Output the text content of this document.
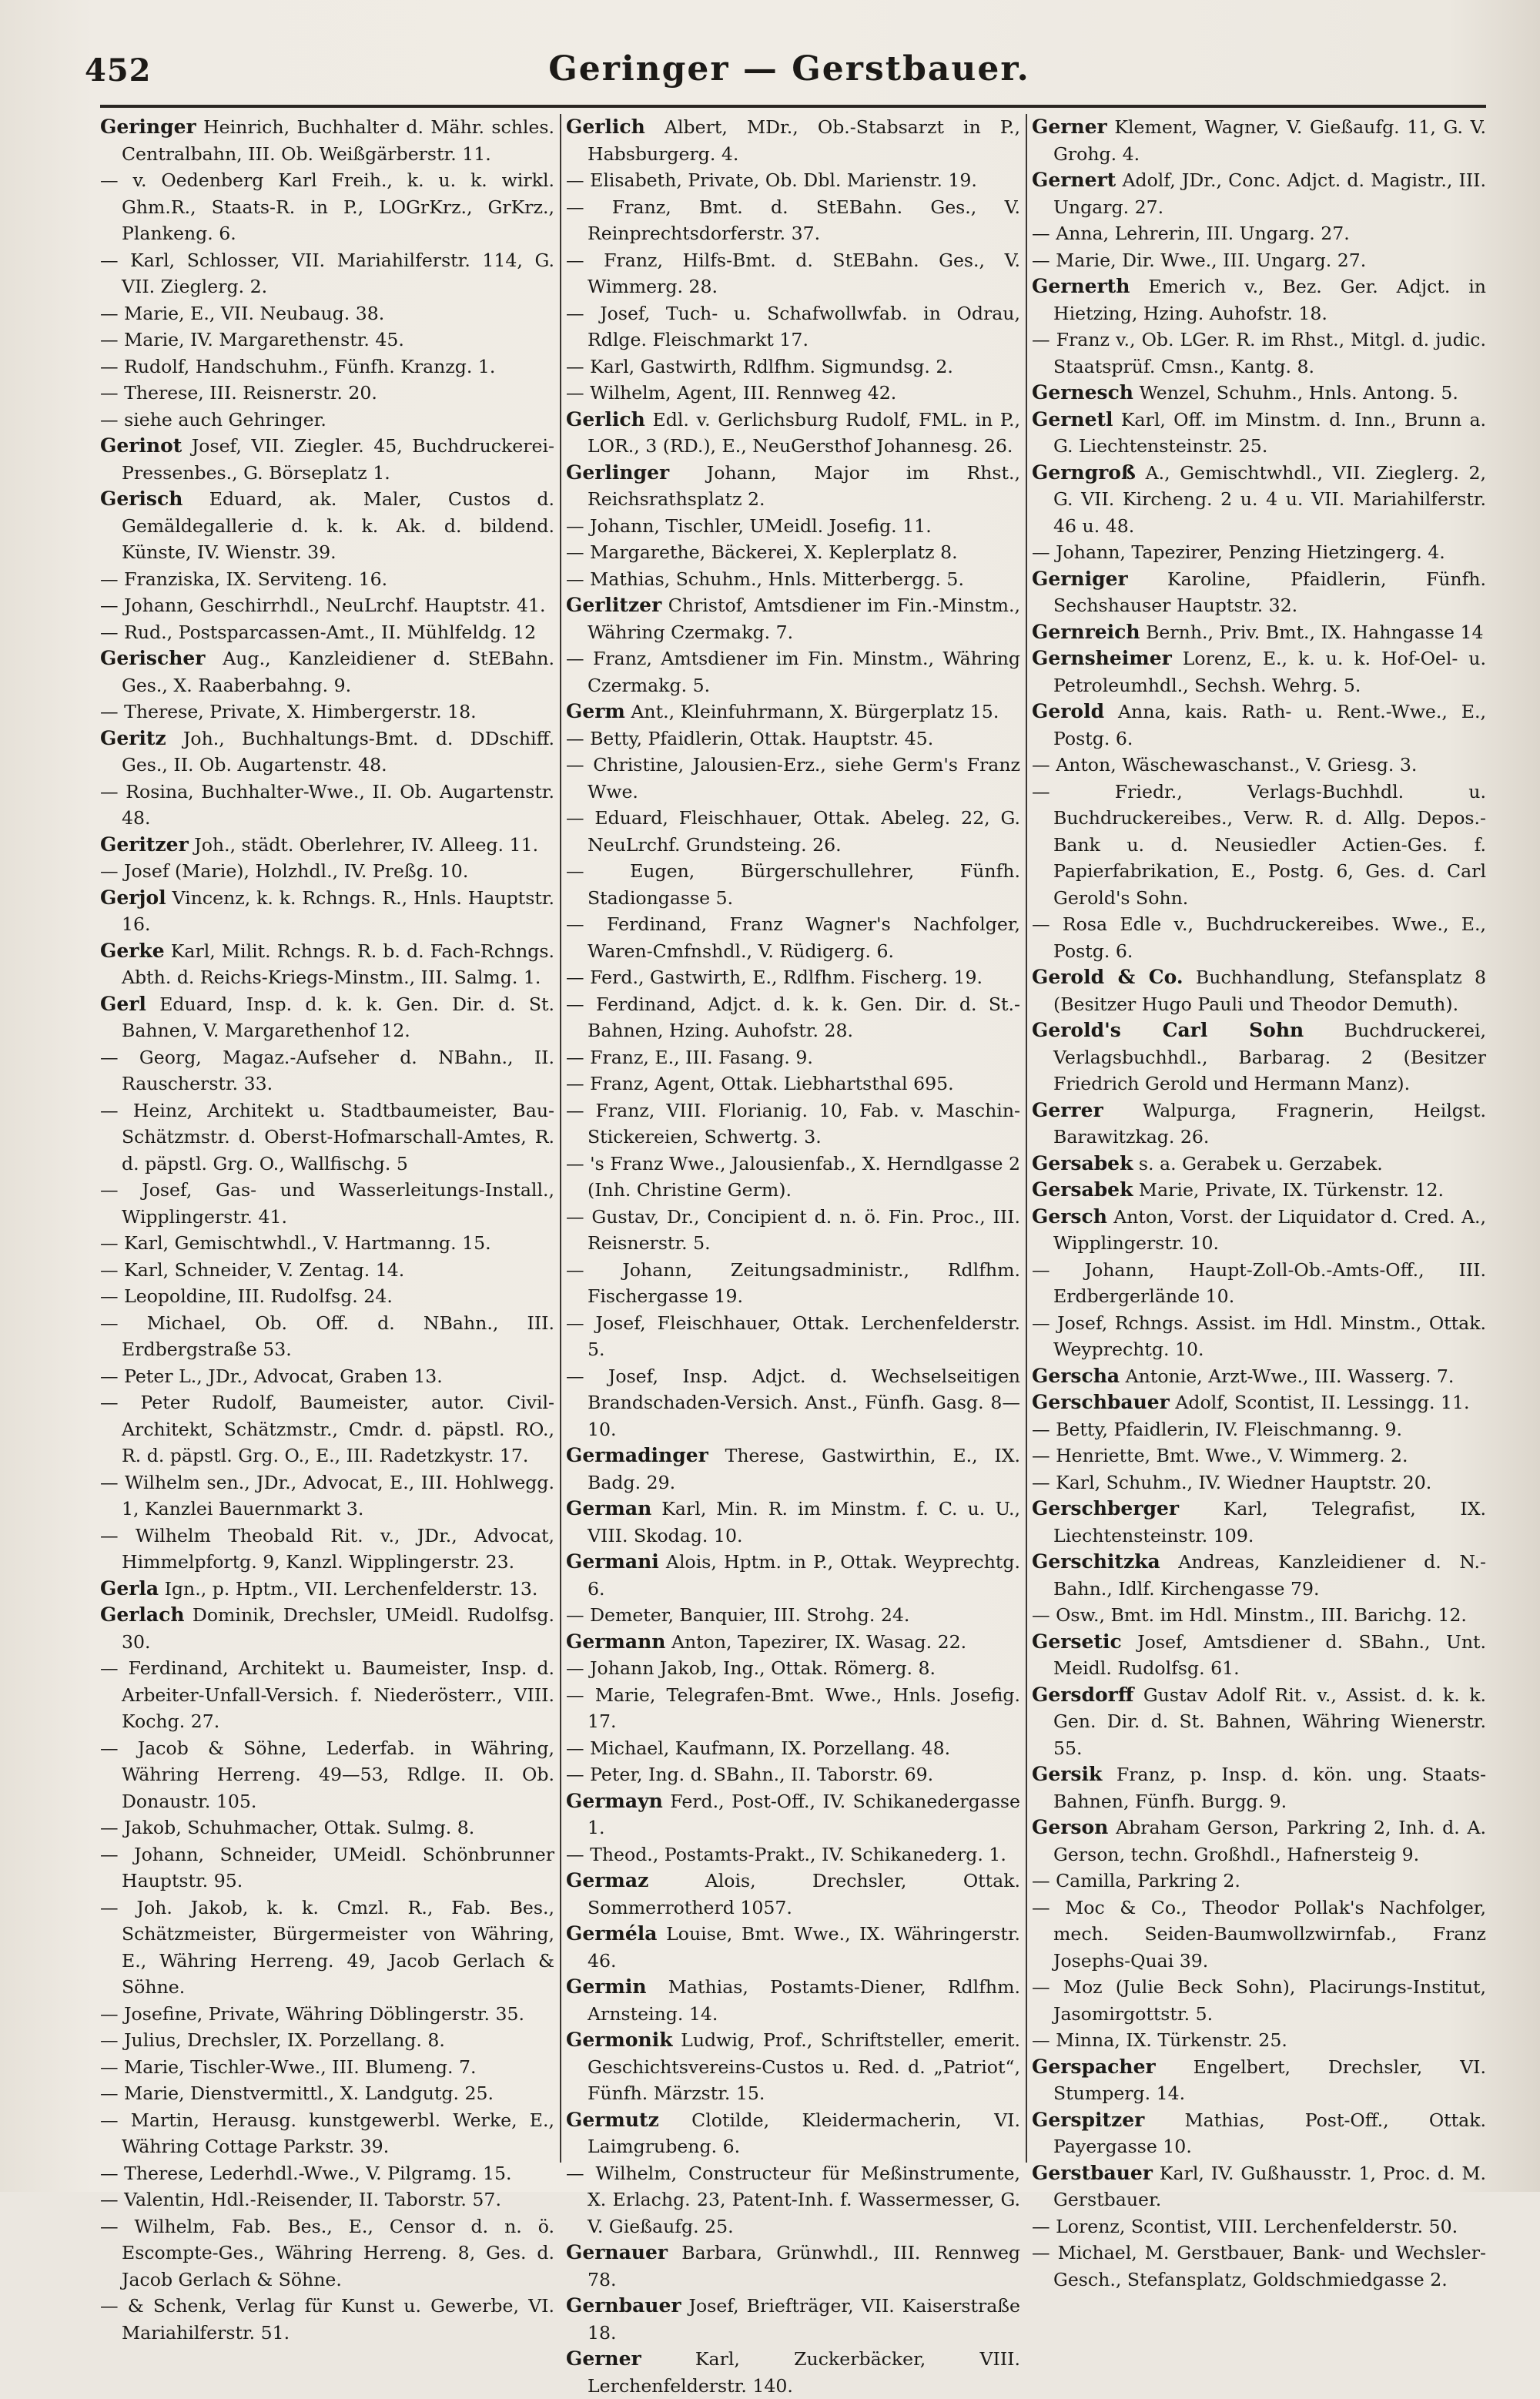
452	Geringer — Gerstbauer.
Geringer Heinrich, Buchhalter d. Mähr. schles. Centralbahn, III. Ob. Weißgärberstr. 11.
— v. Oedenberg Karl Freih., k. u. k. wirkl. Ghm.R., Staats-R. in P., LOGrKrz., GrKrz., Plankeng. 6.
— Karl, Schlosser, VII. Mariahilferstr. 114, G. VII. Zieglerg. 2.
— Marie, E., VII. Neubaug. 38.
— Marie, IV. Margarethenstr. 45.
— Rudolf, Handschuhm., Fünfh. Kranzg. 1.
— Therese, III. Reisnerstr. 20.
— siehe auch Gehringer.
Gerinot Josef, VII. Ziegler. 45, Buchdruckerei-Pressenbes., G. Börseplatz 1.
Gerisch Eduard, ak. Maler, Custos d. Gemäldegallerie d. k. k. Ak. d. bildend. Künste, IV. Wienstr. 39.
— Franziska, IX. Serviteng. 16.
— Johann, Geschirrhdl., NeuLrchf. Hauptstr. 41.
— Rud., Postsparcassen-Amt., II. Mühlfeldg. 12
Gerischer Aug., Kanzleidiener d. StEBahn. Ges., X. Raaberbahng. 9.
— Therese, Private, X. Himbergerstr. 18.
Geritz Joh., Buchhaltungs-Bmt. d. DDschiff. Ges., II. Ob. Augartenstr. 48.
— Rosina, Buchhalter-Wwe., II. Ob. Augartenstr. 48.
Geritzer Joh., städt. Oberlehrer, IV. Alleeg. 11.
— Josef (Marie), Holzhdl., IV. Preßg. 10.
Gerjol Vincenz, k. k. Rchngs. R., Hnls. Hauptstr. 16.
Gerke Karl, Milit. Rchngs. R. b. d. Fach-Rchngs. Abth. d. Reichs-Kriegs-Minstm., III. Salmg. 1.
Gerl Eduard, Insp. d. k. k. Gen. Dir. d. St. Bahnen, V. Margarethenhof 12.
— Georg, Magaz.-Aufseher d. NBahn., II. Rauscherstr. 33.
— Heinz, Architekt u. Stadtbaumeister, Bau-Schätzmstr. d. Oberst-Hofmarschall-Amtes, R. d. päpstl. Grg. O., Wallfischg. 5
— Josef, Gas- und Wasserleitungs-Install., Wipplingerstr. 41.
— Karl, Gemischtwhdl., V. Hartmanng. 15.
— Karl, Schneider, V. Zentag. 14.
— Leopoldine, III. Rudolfsg. 24.
— Michael, Ob. Off. d. NBahn., III. Erdbergstraße 53.
— Peter L., JDr., Advocat, Graben 13.
— Peter Rudolf, Baumeister, autor. Civil-Architekt, Schätzmstr., Cmdr. d. päpstl. RO., R. d. päpstl. Grg. O., E., III. Radetzkystr. 17.
— Wilhelm sen., JDr., Advocat, E., III. Hohlwegg. 1, Kanzlei Bauernmarkt 3.
— Wilhelm Theobald Rit. v., JDr., Advocat, Himmelpfortg. 9, Kanzl. Wipplingerstr. 23.
Gerla Ign., p. Hptm., VII. Lerchenfelderstr. 13.
Gerlach Dominik, Drechsler, UMeidl. Rudolfsg. 30.
— Ferdinand, Architekt u. Baumeister, Insp. d. Arbeiter-Unfall-Versich. f. Niederösterr., VIII. Kochg. 27.
— Jacob & Söhne, Lederfab. in Währing, Währing Herreng. 49—53, Rdlge. II. Ob. Donaustr. 105.
— Jakob, Schuhmacher, Ottak. Sulmg. 8.
— Johann, Schneider, UMeidl. Schönbrunner Hauptstr. 95.
— Joh. Jakob, k. k. Cmzl. R., Fab. Bes., Schätzmeister, Bürgermeister von Währing, E., Währing Herreng. 49, Jacob Gerlach & Söhne.
— Josefine, Private, Währing Döblingerstr. 35.
— Julius, Drechsler, IX. Porzellang. 8.
— Marie, Tischler-Wwe., III. Blumeng. 7.
— Marie, Dienstvermittl., X. Landgutg. 25.
— Martin, Herausg. kunstgewerbl. Werke, E., Währing Cottage Parkstr. 39.
— Therese, Lederhdl.-Wwe., V. Pilgramg. 15.
— Valentin, Hdl.-Reisender, II. Taborstr. 57.
— Wilhelm, Fab. Bes., E., Censor d. n. ö. Escompte-Ges., Währing Herreng. 8, Ges. d. Jacob Gerlach & Söhne.
— & Schenk, Verlag für Kunst u. Gewerbe, VI. Mariahilferstr. 51.
Gerlich Albert, MDr., Ob.-Stabsarzt in P., Habsburgerg. 4.
— Elisabeth, Private, Ob. Dbl. Marienstr. 19.
— Franz, Bmt. d. StEBahn. Ges., V. Reinprechtsdorferstr. 37.
— Franz, Hilfs-Bmt. d. StEBahn. Ges., V. Wimmerg. 28.
— Josef, Tuch- u. Schafwollwfab. in Odrau, Rdlge. Fleischmarkt 17.
— Karl, Gastwirth, Rdlfhm. Sigmundsg. 2.
— Wilhelm, Agent, III. Rennweg 42.
Gerlich Edl. v. Gerlichsburg Rudolf, FML. in P., LOR., 3 (RD.), E., NeuGersthof Johannesg. 26.
Gerlinger Johann, Major im Rhst., Reichsrathsplatz 2.
— Johann, Tischler, UMeidl. Josefig. 11.
— Margarethe, Bäckerei, X. Keplerplatz 8.
— Mathias, Schuhm., Hnls. Mitterbergg. 5.
Gerlitzer Christof, Amtsdiener im Fin.-Minstm., Währing Czermakg. 7.
— Franz, Amtsdiener im Fin. Minstm., Währing Czermakg. 5.
Germ Ant., Kleinfuhrmann, X. Bürgerplatz 15.
— Betty, Pfaidlerin, Ottak. Hauptstr. 45.
— Christine, Jalousien-Erz., siehe Germ's Franz Wwe.
— Eduard, Fleischhauer, Ottak. Abeleg. 22, G. NeuLrchf. Grundsteing. 26.
— Eugen, Bürgerschullehrer, Fünfh. Stadiongasse 5.
— Ferdinand, Franz Wagner's Nachfolger, Waren-Cmfnshdl., V. Rüdigerg. 6.
— Ferd., Gastwirth, E., Rdlfhm. Fischerg. 19.
— Ferdinand, Adjct. d. k. k. Gen. Dir. d. St.-Bahnen, Hzing. Auhofstr. 28.
— Franz, E., III. Fasang. 9.
— Franz, Agent, Ottak. Liebhartsthal 695.
— Franz, VIII. Florianig. 10, Fab. v. Maschin-Stickereien, Schwertg. 3.
— 's Franz Wwe., Jalousienfab., X. Herndlgasse 2 (Inh. Christine Germ).
— Gustav, Dr., Concipient d. n. ö. Fin. Proc., III. Reisnerstr. 5.
— Johann, Zeitungsadministr., Rdlfhm. Fischergasse 19.
— Josef, Fleischhauer, Ottak. Lerchenfelderstr. 5.
— Josef, Insp. Adjct. d. Wechselseitigen Brandschaden-Versich. Anst., Fünfh. Gasg. 8—10.
Germadinger Therese, Gastwirthin, E., IX. Badg. 29.
German Karl, Min. R. im Minstm. f. C. u. U., VIII. Skodag. 10.
Germani Alois, Hptm. in P., Ottak. Weyprechtg. 6.
— Demeter, Banquier, III. Strohg. 24.
Germann Anton, Tapezirer, IX. Wasag. 22.
— Johann Jakob, Ing., Ottak. Römerg. 8.
— Marie, Telegrafen-Bmt. Wwe., Hnls. Josefig. 17.
— Michael, Kaufmann, IX. Porzellang. 48.
— Peter, Ing. d. SBahn., II. Taborstr. 69.
Germayn Ferd., Post-Off., IV. Schikanedergasse 1.
— Theod., Postamts-Prakt., IV. Schikanederg. 1.
Germaz	Alois, Drechsler, Ottak. Sommerrotherd 1057.
Germéla Louise, Bmt. Wwe., IX. Währingerstr. 46.
Germin Mathias, Postamts-Diener, Rdlfhm. Arnsteing. 14.
Germonik Ludwig, Prof., Schriftsteller, emerit. Geschichtsvereins-Custos u. Red. d. „Patriot“, Fünfh. Märzstr. 15.
Germutz Clotilde, Kleidermacherin, VI. Laimgrubeng. 6.
— Wilhelm, Constructeur für Meßinstrumente, X. Erlachg. 23, Patent-Inh. f. Wassermesser, G. V. Gießaufg. 25.
Gernauer Barbara, Grünwhdl., III. Rennweg 78.
Gernbauer Josef, Briefträger, VII. Kaiserstraße 18.
Gerner	Karl, Zuckerbäcker, VIII. Lerchenfelderstr. 140.
Gerner Klement, Wagner, V. Gießaufg. 11, G. V. Grohg. 4.
Gernert Adolf, JDr., Conc. Adjct. d. Magistr., III. Ungarg. 27.
— Anna, Lehrerin, III. Ungarg. 27.
— Marie, Dir. Wwe., III. Ungarg. 27.
Gernerth Emerich v., Bez. Ger. Adjct. in Hietzing, Hzing. Auhofstr. 18.
— Franz v., Ob. LGer. R. im Rhst., Mitgl. d. judic. Staatsprüf. Cmsn., Kantg. 8.
Gernesch Wenzel, Schuhm., Hnls. Antong. 5.
Gernetl Karl, Off. im Minstm. d. Inn., Brunn a. G. Liechtensteinstr. 25.
Gerngroß A., Gemischtwhdl., VII. Zieglerg. 2, G. VII. Kircheng. 2 u. 4 u. VII. Mariahilferstr. 46 u. 48.
— Johann, Tapezirer, Penzing Hietzingerg. 4.
Gerniger Karoline, Pfaidlerin, Fünfh. Sechshauser Hauptstr. 32.
Gernreich Bernh., Priv. Bmt., IX. Hahngasse 14
Gernsheimer Lorenz, E., k. u. k. Hof-Oel- u. Petroleumhdl., Sechsh. Wehrg. 5.
Gerold Anna, kais. Rath- u. Rent.-Wwe., E., Postg. 6.
— Anton, Wäschewaschanst., V. Griesg. 3.
— Friedr., Verlags-Buchhdl. u. Buchdruckereibes., Verw. R. d. Allg. Depos.-Bank u. d. Neusiedler Actien-Ges. f. Papierfabrikation, E., Postg. 6, Ges. d. Carl Gerold's Sohn.
— Rosa Edle v., Buchdruckereibes. Wwe., E., Postg. 6.
Gerold & Co. Buchhandlung, Stefansplatz 8 (Besitzer Hugo Pauli und Theodor Demuth).
Gerold's Carl Sohn Buchdruckerei, Verlagsbuchhdl., Barbarag. 2 (Besitzer Friedrich Gerold und Hermann Manz).
Gerrer Walpurga, Fragnerin, Heilgst. Barawitzkag. 26.
Gersabek s. a. Gerabek u. Gerzabek.
Gersabek Marie, Private, IX. Türkenstr. 12.
Gersch Anton, Vorst. der Liquidator d. Cred. A., Wipplingerstr. 10.
— Johann, Haupt-Zoll-Ob.-Amts-Off., III. Erdbergerlände 10.
— Josef, Rchngs. Assist. im Hdl. Minstm., Ottak. Weyprechtg. 10.
Gerscha Antonie, Arzt-Wwe., III. Wasserg. 7.
Gerschbauer Adolf, Scontist, II. Lessingg. 11.
— Betty, Pfaidlerin, IV. Fleischmanng. 9.
— Henriette, Bmt. Wwe., V. Wimmerg. 2.
— Karl, Schuhm., IV. Wiedner Hauptstr. 20.
Gerschberger Karl, Telegrafist, IX. Liechtensteinstr. 109.
Gerschitzka Andreas, Kanzleidiener d. N.-Bahn., Idlf. Kirchengasse 79.
— Osw., Bmt. im Hdl. Minstm., III. Barichg. 12.
Gersetic Josef, Amtsdiener d. SBahn., Unt. Meidl. Rudolfsg. 61.
Gersdorff Gustav Adolf Rit. v., Assist. d. k. k. Gen. Dir. d. St. Bahnen, Währing Wienerstr. 55.
Gersik Franz, p. Insp. d. kön. ung. Staats-Bahnen, Fünfh. Burgg. 9.
Gerson Abraham Gerson, Parkring 2, Inh. d. A. Gerson, techn. Großhdl., Hafnersteig 9.
— Camilla, Parkring 2.
— Moc & Co., Theodor Pollak's Nachfolger, mech. Seiden-Baumwollzwirnfab., Franz Josephs-Quai 39.
— Moz (Julie Beck Sohn), Placirungs-Institut, Jasomirgottstr. 5.
— Minna, IX. Türkenstr. 25.
Gerspacher Engelbert, Drechsler, VI. Stumperg. 14.
Gerspitzer Mathias, Post-Off., Ottak. Payergasse 10.
Gerstbauer Karl, IV. Gußhausstr. 1, Proc. d. M. Gerstbauer.
— Lorenz, Scontist, VIII. Lerchenfelderstr. 50.
— Michael, M. Gerstbauer, Bank- und Wechsler-Gesch., Stefansplatz, Goldschmiedgasse 2.
